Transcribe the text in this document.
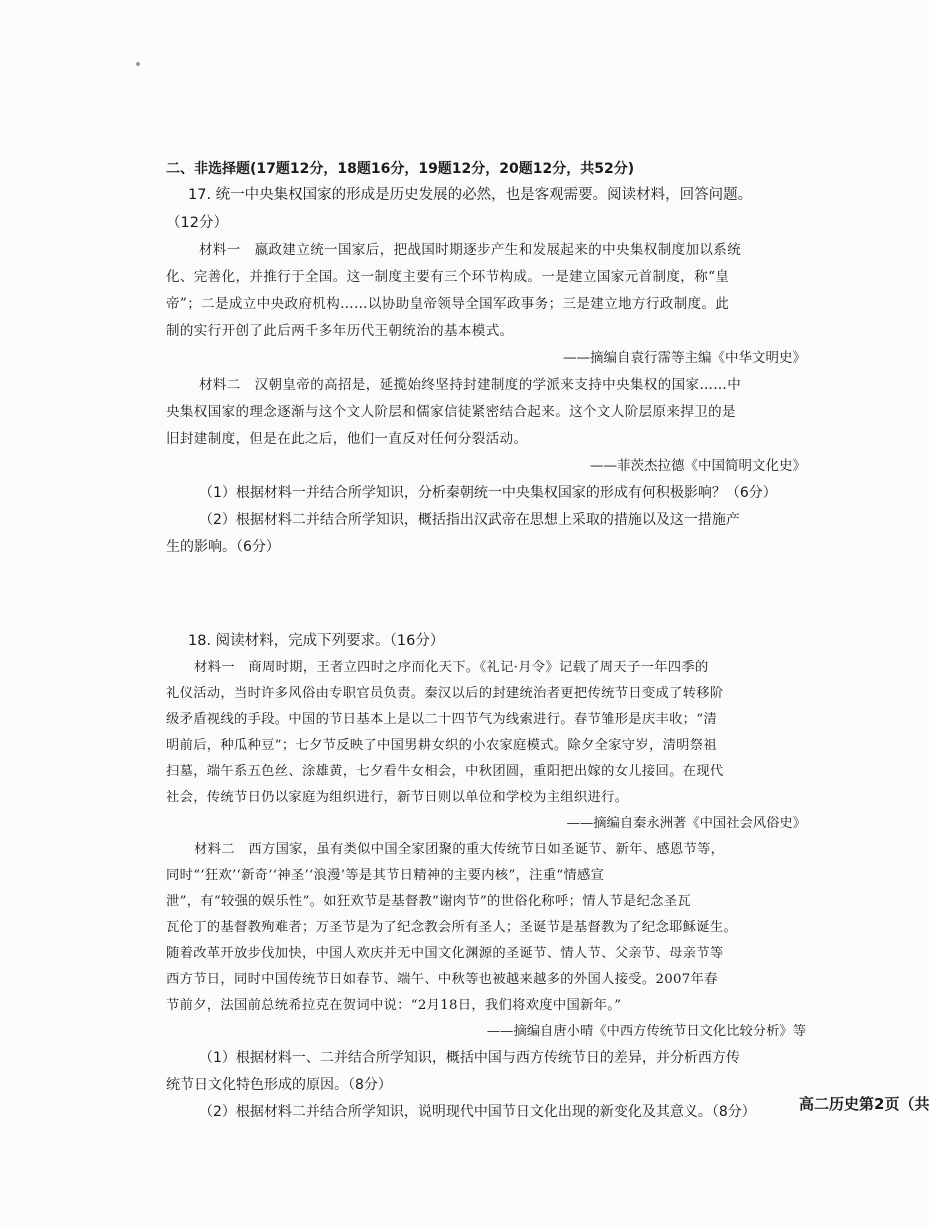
二、非选择题(17题12分，18题16分，19题12分，20题12分，共52分)
17. 统一中央集权国家的形成是历史发展的必然，也是客观需要。阅读材料，回答问题。
（12分）
材料一　嬴政建立统一国家后，把战国时期逐步产生和发展起来的中央集权制度加以系统
化、完善化，并推行于全国。这一制度主要有三个环节构成。一是建立国家元首制度，称“皇
帝”；二是成立中央政府机构……以协助皇帝领导全国军政事务；三是建立地方行政制度。此
制的实行开创了此后两千多年历代王朝统治的基本模式。
——摘编自袁行霈等主编《中华文明史》
材料二　汉朝皇帝的高招是，延揽始终坚持封建制度的学派来支持中央集权的国家……中
央集权国家的理念逐渐与这个文人阶层和儒家信徒紧密结合起来。这个文人阶层原来捍卫的是
旧封建制度，但是在此之后，他们一直反对任何分裂活动。
——菲茨杰拉德《中国简明文化史》
（1）根据材料一并结合所学知识，分析秦朝统一中央集权国家的形成有何积极影响？（6分）
（2）根据材料二并结合所学知识，概括指出汉武帝在思想上采取的措施以及这一措施产
生的影响。（6分）
18. 阅读材料，完成下列要求。（16分）
材料一　商周时期，王者立四时之序而化天下。《礼记·月令》记载了周天子一年四季的
礼仪活动，当时许多风俗由专职官员负责。秦汉以后的封建统治者更把传统节日变成了转移阶
级矛盾视线的手段。中国的节日基本上是以二十四节气为线索进行。春节雏形是庆丰收；“清
明前后，种瓜种豆”；七夕节反映了中国男耕女织的小农家庭模式。除夕全家守岁，清明祭祖
扫墓，端午系五色丝、涂雄黄，七夕看牛女相会，中秋团圆，重阳把出嫁的女儿接回。在现代
社会，传统节日仍以家庭为组织进行，新节日则以单位和学校为主组织进行。
——摘编自秦永洲著《中国社会风俗史》
材料二　西方国家，虽有类似中国全家团聚的重大传统节日如圣诞节、新年、感恩节等，
同时“‘狂欢’‘新奇’‘神圣’‘浪漫’等是其节日精神的主要内核”，注重“情感宣
泄”，有“较强的娱乐性”。如狂欢节是基督教“谢肉节”的世俗化称呼；情人节是纪念圣瓦
瓦伦丁的基督教殉难者；万圣节是为了纪念教会所有圣人；圣诞节是基督教为了纪念耶稣诞生。
随着改革开放步伐加快，中国人欢庆并无中国文化渊源的圣诞节、情人节、父亲节、母亲节等
西方节日，同时中国传统节日如春节、端午、中秋等也被越来越多的外国人接受。2007年春
节前夕，法国前总统希拉克在贺词中说：“2月18日，我们将欢度中国新年。”
——摘编自唐小晴《中西方传统节日文化比较分析》等
（1）根据材料一、二并结合所学知识，概括中国与西方传统节日的差异，并分析西方传
统节日文化特色形成的原因。（8分）
（2）根据材料二并结合所学知识，说明现代中国节日文化出现的新变化及其意义。（8分）	高二历史第2页（共
